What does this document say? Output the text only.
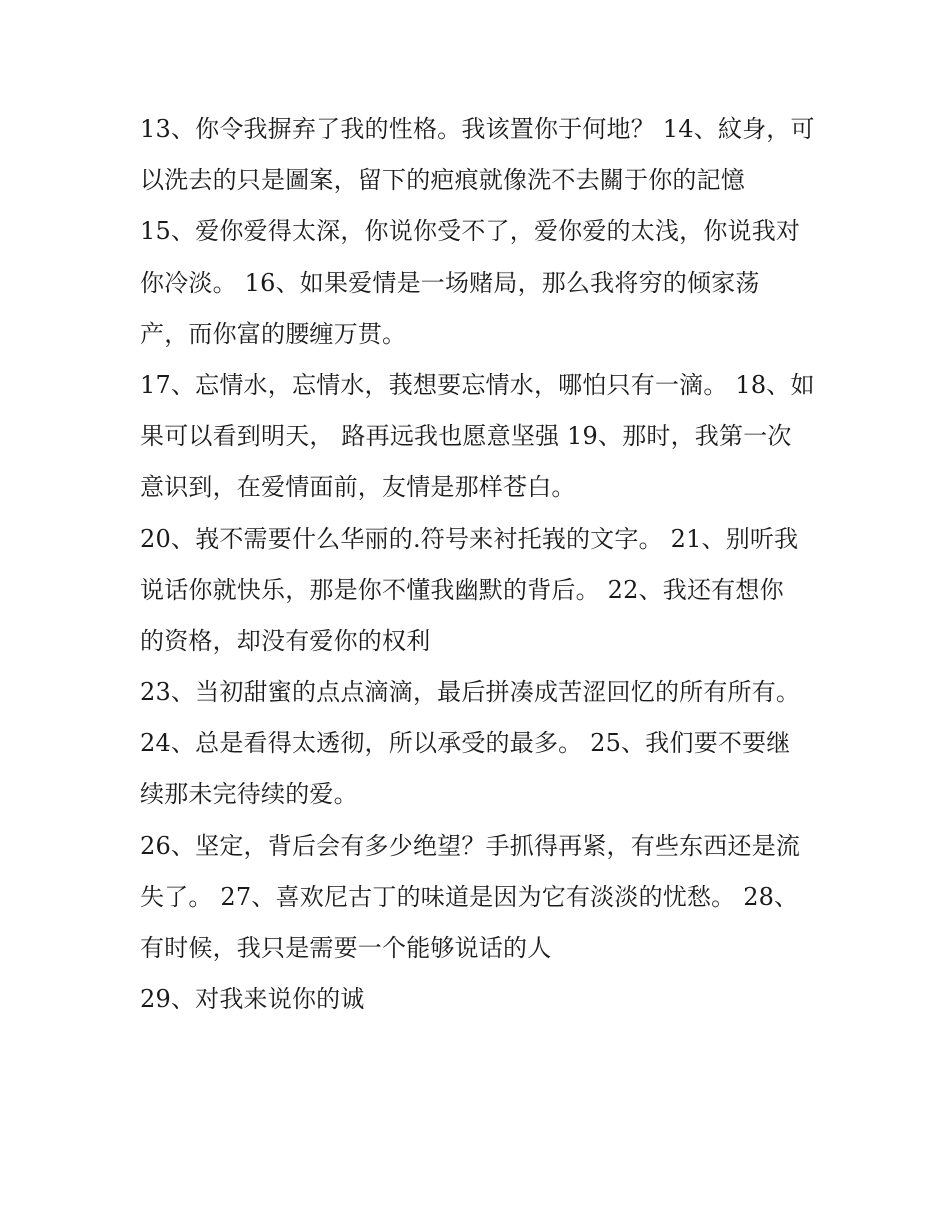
13、你令我摒弃了我的性格。我该置你于何地？ 14、紋身，可
以洗去的只是圖案，留下的疤痕就像洗不去關于你的記憶
15、爱你爱得太深，你说你受不了，爱你爱的太浅，你说我对
你冷淡。 16、如果爱情是一场赌局，那么我将穷的倾家荡
产，而你富的腰缠万贯。
17、忘情水，忘情水，莪想要忘情水，哪怕只有一滴。 18、如
果可以看到明天， 路再远我也愿意坚强 19、那时，我第一次
意识到，在爱情面前，友情是那样苍白。
20、峩不需要什么华丽的.符号来衬托峩的文字。 21、别听我
说话你就快乐，那是你不懂我幽默的背后。 22、我还有想你
的资格，却没有爱你的权利
23、当初甜蜜的点点滴滴，最后拼凑成苦涩回忆的所有所有。
24、总是看得太透彻，所以承受的最多。 25、我们要不要继
续那未完待续的爱。
26、坚定，背后会有多少绝望？手抓得再紧，有些东西还是流
失了。 27、喜欢尼古丁的味道是因为它有淡淡的忧愁。 28、
有时候，我只是需要一个能够说话的人
29、对我来说你的诚
